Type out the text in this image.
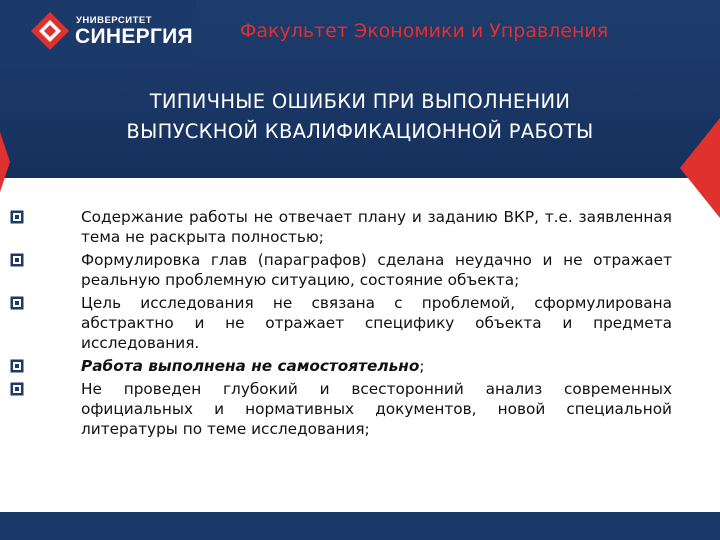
УНИВЕРСИТЕТ
СИНЕРГИЯ Факультет Экономики и Управления
ТИПИЧНЫЕ ОШИБКИ ПРИ ВЫПОЛНЕНИИ
ВЫПУСКНОЙ КВАЛИФИКАЦИОННОЙ РАБОТЫ
Содержание работы не отвечает плану и заданию ВКР, т.е. заявленная тема не раскрыта полностью;
Формулировка глав (параграфов) сделана неудачно и не отражает реальную проблемную ситуацию, состояние объекта;
Цель исследования не связана с проблемой, сформулирована абстрактно и не отражает специфику объекта и предмета исследования.
Работа выполнена не самостоятельно;
Не проведен глубокий и всесторонний анализ современных официальных и нормативных документов, новой специальной литературы по теме исследования;
